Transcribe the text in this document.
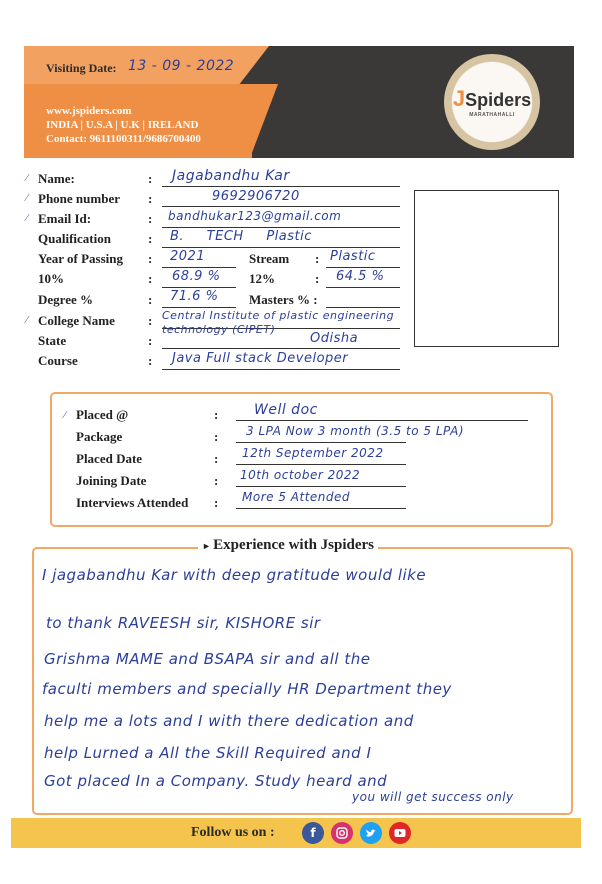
Visiting Date: 13 - 09 - 2022
www.jspiders.com
INDIA | U.S.A | U.K | IRELAND
Contact: 9611100311/9686700400
JSpiders
MARATHAHALLI
⁄ Name:	: Jagabandhu Kar
⁄ Phone number :	9692906720
⁄ Email Id:	: bandhukar123@gmail.com
Qualification	: B. TECH Plastic
Year of Passing : 2021	Stream : Plastic
10%	: 68.9 % 12%	: 64.5 %
Degree %	: 71.6 % Masters % :
⁄ College Name	: Central Institute of plastic engineering
technology (CIPET)
State	:	Odisha
Course	: Java Full stack Developer
⁄ Placed @	:	Well doc
Package	: 3 LPA Now 3 month (3.5 to 5 LPA)
Placed Date	: 12th September 2022
Joining Date	: 10th october 2022
Interviews Attended : More 5 Attended
► Experience with Jspiders
I jagabandhu Kar with deep gratitude would like
to thank RAVEESH sir, KISHORE sir
Grishma MAME and BSAPA sir and all the
faculti members and specially HR Department they
help me a lots and I with there dedication and
help Lurned a All the Skill Required and I
Got placed In a Company. Study heard and
you will get success only
Follow us on :	f
